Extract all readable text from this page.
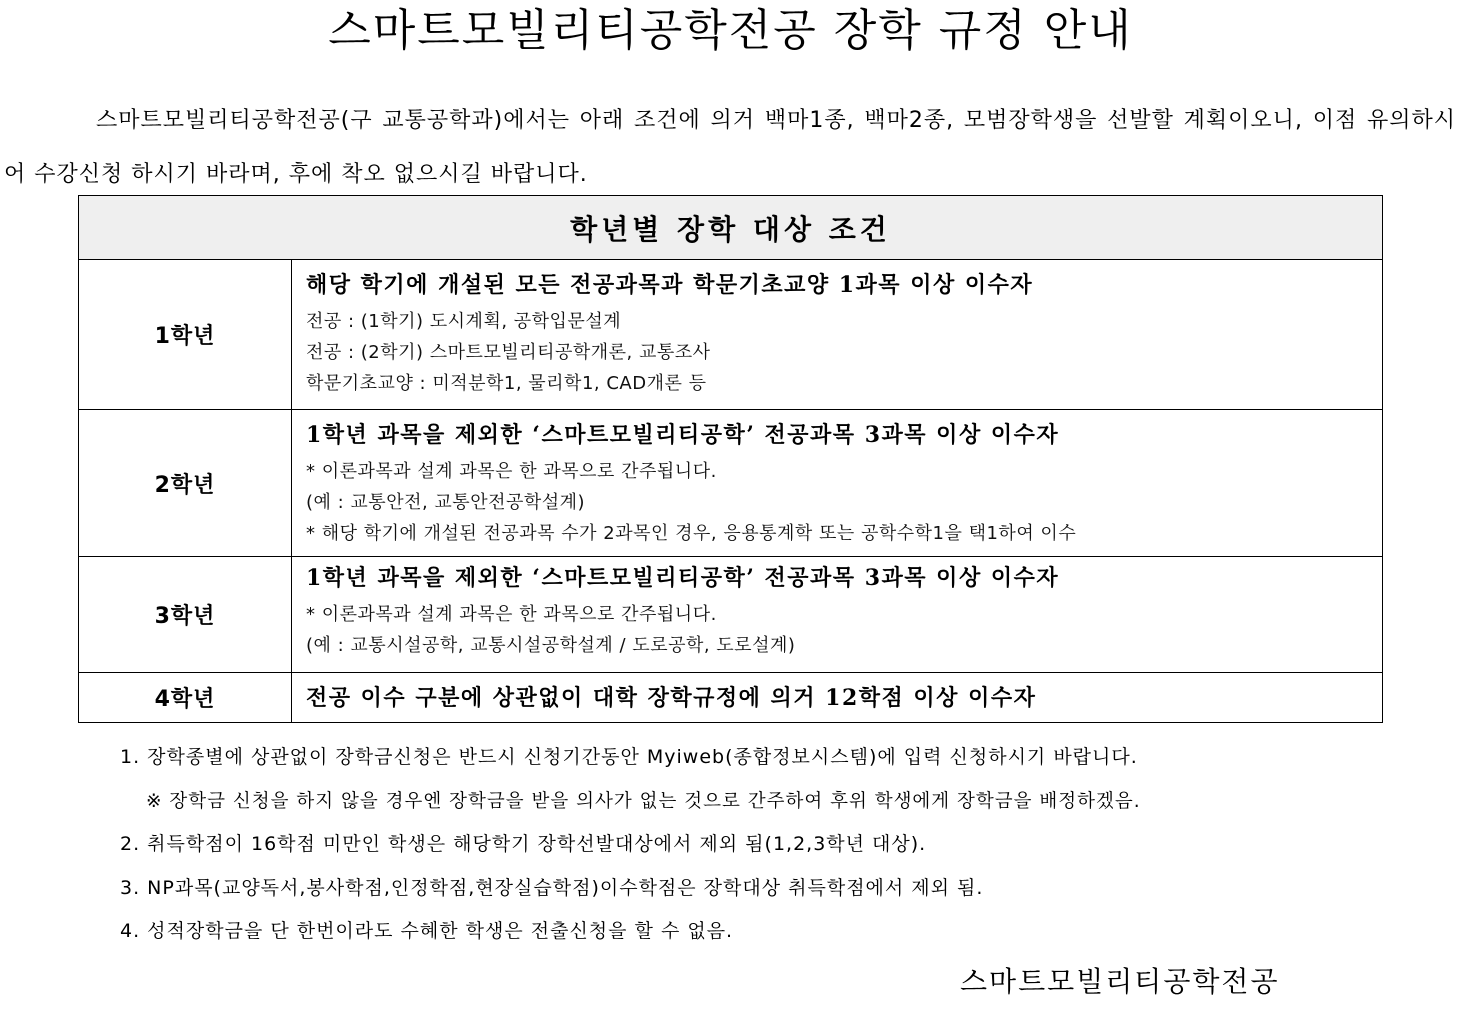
스마트모빌리티공학전공 장학 규정 안내

스마트모빌리티공학전공(구 교통공학과)에서는 아래 조건에 의거 백마1종, 백마2종, 모범장학생을 선발할 계획이오니, 이점 유의하시어 수강신청 하시기 바라며, 후에 착오 없으시길 바랍니다.

학년별 장학 대상 조건	
1학년	해당 학기에 개설된 모든 전공과목과 학문기초교양 1과목 이상 이수자
전공 : (1학기) 도시계획, 공학입문설계
전공 : (2학기) 스마트모빌리티공학개론, 교통조사
학문기초교양 : 미적분학1, 물리학1, CAD개론 등

2학년	1학년 과목을 제외한 ‘스마트모빌리티공학’ 전공과목 3과목 이상 이수자
* 이론과목과 설계 과목은 한 과목으로 간주됩니다.
(예 : 교통안전, 교통안전공학설계)
* 해당 학기에 개설된 전공과목 수가 2과목인 경우, 응용통계학 또는 공학수학1을 택1하여 이수

3학년	1학년 과목을 제외한 ‘스마트모빌리티공학’ 전공과목 3과목 이상 이수자
* 이론과목과 설계 과목은 한 과목으로 간주됩니다.
(예 : 교통시설공학, 교통시설공학설계 / 도로공학, 도로설계)

4학년	전공 이수 구분에 상관없이 대학 장학규정에 의거 12학점 이상 이수자
1. 장학종별에 상관없이 장학금신청은 반드시 신청기간동안 Myiweb(종합정보시스템)에 입력 신청하시기 바랍니다.
※ 장학금 신청을 하지 않을 경우엔 장학금을 받을 의사가 없는 것으로 간주하여 후위 학생에게 장학금을 배정하겠음.
2. 취득학점이 16학점 미만인 학생은 해당학기 장학선발대상에서 제외 됨(1,2,3학년 대상).
3. NP과목(교양독서,봉사학점,인정학점,현장실습학점)이수학점은 장학대상 취득학점에서 제외 됨.
4. 성적장학금을 단 한번이라도 수혜한 학생은 전출신청을 할 수 없음.
스마트모빌리티공학전공
